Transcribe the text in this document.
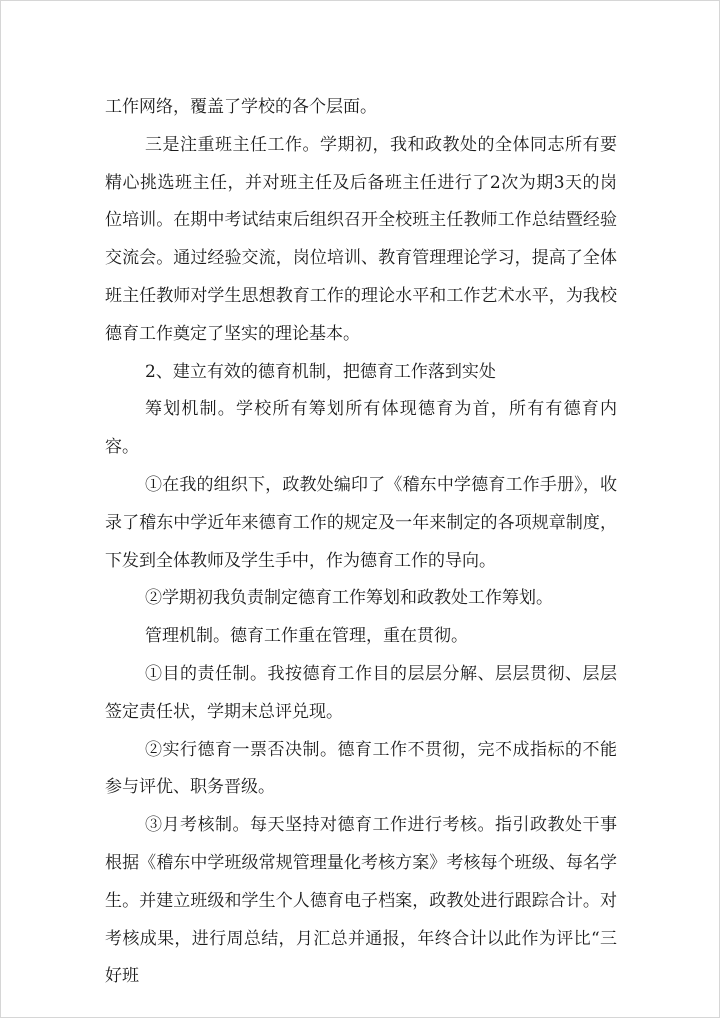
工作网络，覆盖了学校的各个层面。

三是注重班主任工作。学期初，我和政教处的全体同志所有要精心挑选班主任，并对班主任及后备班主任进行了2次为期3天的岗位培训。在期中考试结束后组织召开全校班主任教师工作总结暨经验交流会。通过经验交流，岗位培训、教育管理理论学习，提高了全体班主任教师对学生思想教育工作的理论水平和工作艺术水平，为我校德育工作奠定了坚实的理论基本。

2、建立有效的德育机制，把德育工作落到实处

筹划机制。学校所有筹划所有体现德育为首，所有有德育内容。

①在我的组织下，政教处编印了《稽东中学德育工作手册》，收录了稽东中学近年来德育工作的规定及一年来制定的各项规章制度，下发到全体教师及学生手中，作为德育工作的导向。

②学期初我负责制定德育工作筹划和政教处工作筹划。

管理机制。德育工作重在管理，重在贯彻。

①目的责任制。我按德育工作目的层层分解、层层贯彻、层层签定责任状，学期末总评兑现。

②实行德育一票否决制。德育工作不贯彻，完不成指标的不能参与评优、职务晋级。

③月考核制。每天坚持对德育工作进行考核。指引政教处干事根据《稽东中学班级常规管理量化考核方案》考核每个班级、每名学生。并建立班级和学生个人德育电子档案，政教处进行跟踪合计。对考核成果，进行周总结，月汇总并通报，年终合计以此作为评比“三好班
